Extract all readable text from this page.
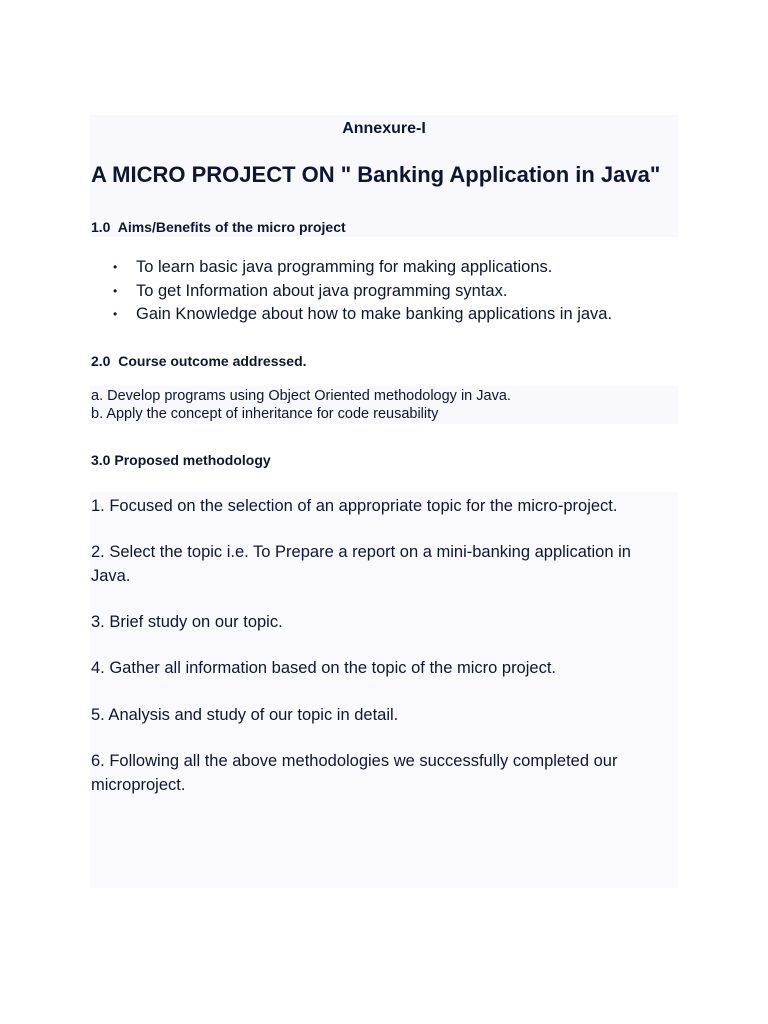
Annexure-I
A MICRO PROJECT ON " Banking Application in Java"
1.0  Aims/Benefits of the micro project
• To learn basic java programming for making applications.
• To get Information about java programming syntax.
• Gain Knowledge about how to make banking applications in java.
2.0  Course outcome addressed.
a. Develop programs using Object Oriented methodology in Java.
b. Apply the concept of inheritance for code reusability
3.0 Proposed methodology
1. Focused on the selection of an appropriate topic for the micro-project.
2. Select the topic i.e. To Prepare a report on a mini-banking application in Java.
3. Brief study on our topic.
4. Gather all information based on the topic of the micro project.
5. Analysis and study of our topic in detail.
6. Following all the above methodologies we successfully completed our microproject.
